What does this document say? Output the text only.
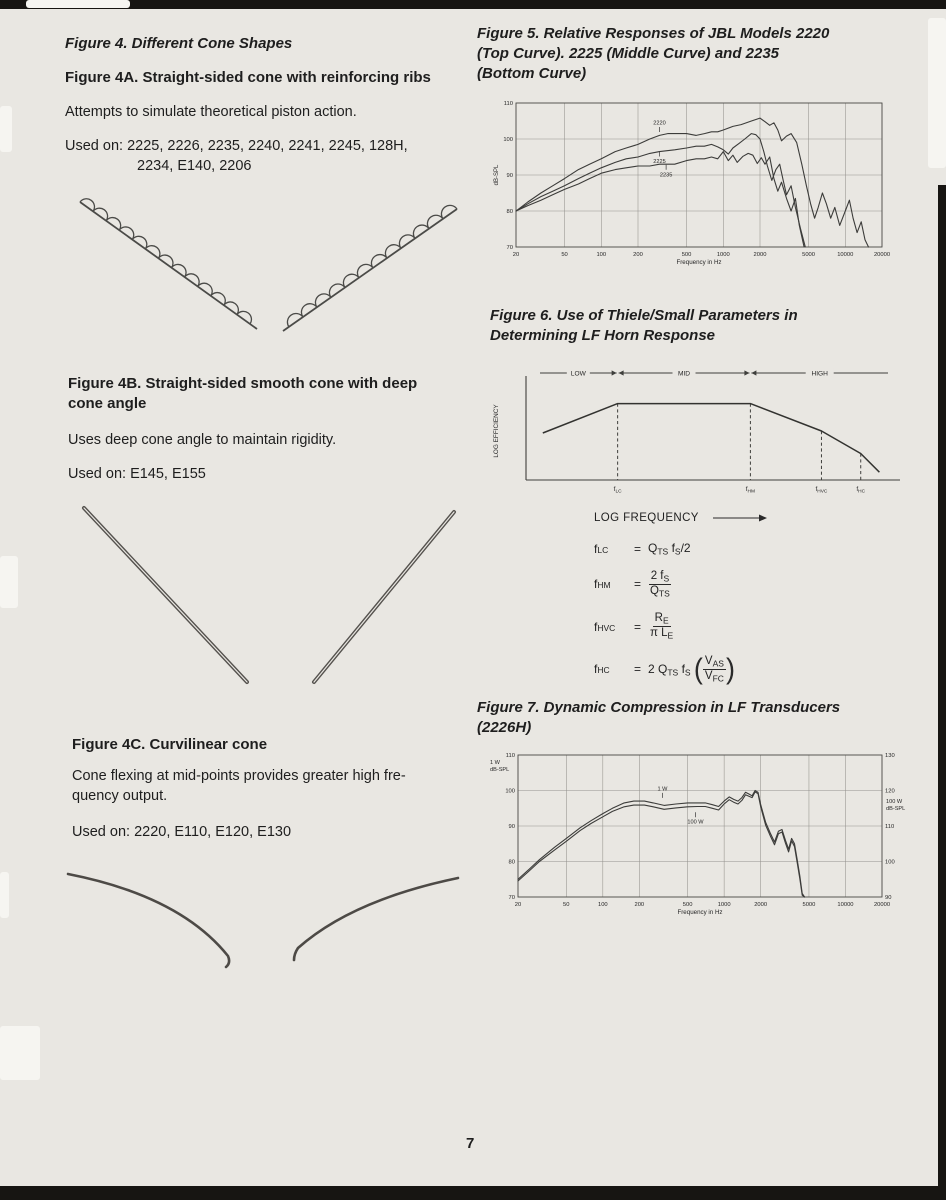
Figure 4. Different Cone Shapes
Figure 4A. Straight-sided cone with reinforcing ribs
Attempts to simulate theoretical piston action.
Used on: 2225, 2226, 2235, 2240, 2241, 2245, 128H,
2234, E140, 2206
Figure 4B. Straight-sided smooth cone with deep
cone angle
Uses deep cone angle to maintain rigidity.
Used on: E145, E155
Figure 4C. Curvilinear cone
Cone flexing at mid-points provides greater high fre-
quency output.
Used on: 2220, E110, E120, E130
Figure 5. Relative Responses of JBL Models 2220
(Top Curve). 2225 (Middle Curve) and 2235
(Bottom Curve)
20	50	100	200	500	1000	2000	5000	10000	20000
70
80
90
100
110
Frequency in Hz
dB-SPL
2220
2225
2235
Figure 6. Use of Thiele/Small Parameters in
Determining LF Horn Response
LOG EFFICIENCY
LOW	MID	HIGH
$f_{LC}$	$f_{HM}$	$f_{HVC}$	$f_{HC}$
LOG FREQUENCY
f LC = $Q_{TS}$ $f_S/2$
f HM = $\frac{2 f_S}{Q_{TS}}$
f HVC = $\frac{R_E}{\pi L_E}$
f HC = 2 $Q_{TS}$ $f_S$ ( $\frac{V_{AS}}{V_{FC}}$ )
Figure 7. Dynamic Compression in LF Transducers
(2226H)
20	50	100	200	500	1000	2000	5000	10000	20000
70
80
90
100
110
90
100
110
120
130
Frequency in Hz
1 W
dB-SPL
100 W
dB-SPL
1 W
100 W
7
